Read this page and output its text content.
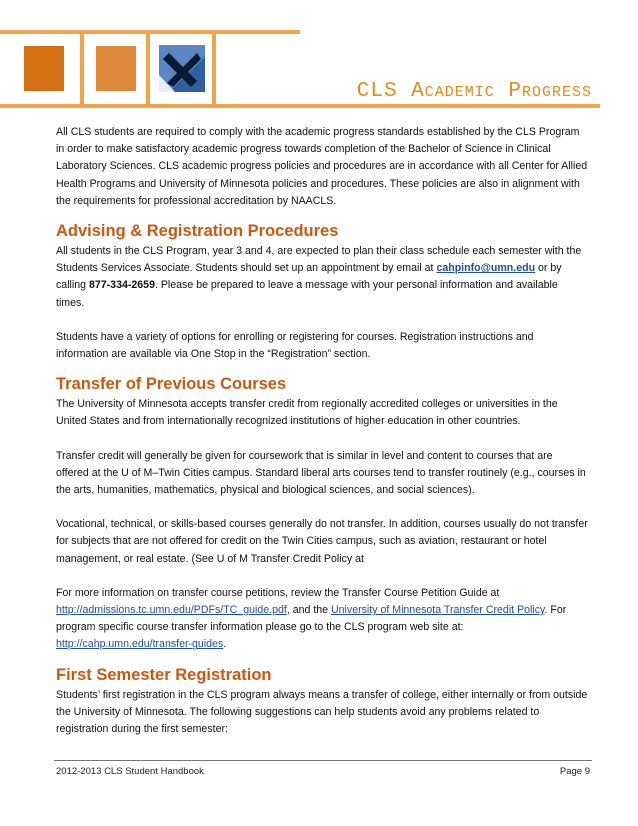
CLS Academic Progress

All CLS students are required to comply with the academic progress standards established by the CLS Program in order to make satisfactory academic progress towards completion of the Bachelor of Science in Clinical Laboratory Sciences. CLS academic progress policies and procedures are in accordance with all Center for Allied Health Programs and University of Minnesota policies and procedures. These policies are also in alignment with the requirements for professional accreditation by NAACLS.

Advising & Registration Procedures

All students in the CLS Program, year 3 and 4, are expected to plan their class schedule each semester with the Students Services Associate. Students should set up an appointment by email at cahpinfo@umn.edu or by calling 877-334-2659. Please be prepared to leave a message with your personal information and available times.

Students have a variety of options for enrolling or registering for courses. Registration instructions and information are available via One Stop in the “Registration” section.

Transfer of Previous Courses

The University of Minnesota accepts transfer credit from regionally accredited colleges or universities in the United States and from internationally recognized institutions of higher education in other countries.

Transfer credit will generally be given for coursework that is similar in level and content to courses that are offered at the U of M–Twin Cities campus. Standard liberal arts courses tend to transfer routinely (e.g., courses in the arts, humanities, mathematics, physical and biological sciences, and social sciences).

Vocational, technical, or skills-based courses generally do not transfer. In addition, courses usually do not transfer for subjects that are not offered for credit on the Twin Cities campus, such as aviation, restaurant or hotel management, or real estate. (See U of M Transfer Credit Policy at

For more information on transfer course petitions, review the Transfer Course Petition Guide at http://admissions.tc.umn.edu/PDFs/TC_guide.pdf, and the University of Minnesota Transfer Credit Policy. For program specific course transfer information please go to the CLS program web site at: http://cahp.umn.edu/transfer-guides.

First Semester Registration

Students’ first registration in the CLS program always means a transfer of college, either internally or from outside the University of Minnesota. The following suggestions can help students avoid any problems related to registration during the first semester:

2012-2013 CLS Student Handbook	Page 9
